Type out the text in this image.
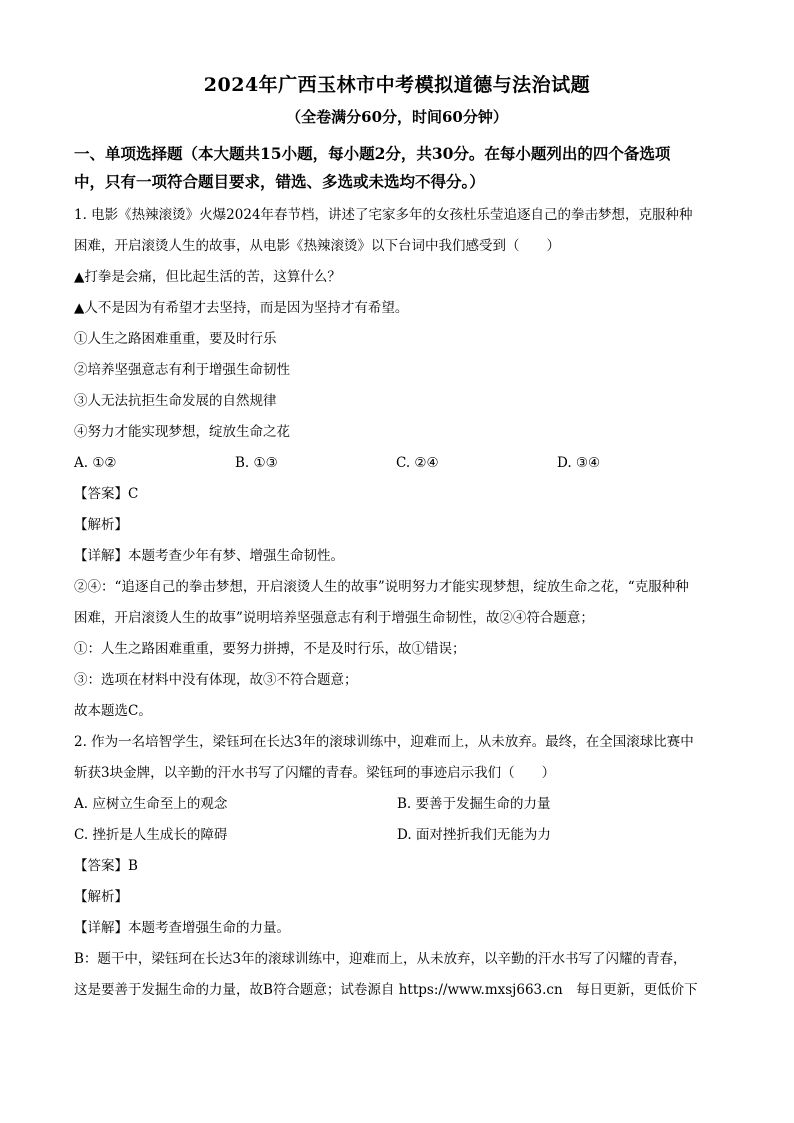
2024年广西玉林市中考模拟道德与法治试题
（全卷满分60分，时间60分钟）

一、单项选择题（本大题共15小题，每小题2分，共30分。在每小题列出的四个备选项

中，只有一项符合题目要求，错选、多选或未选均不得分。）

1. 电影《热辣滚烫》火爆2024年春节档，讲述了宅家多年的女孩杜乐莹追逐自己的拳击梦想，克服种种

困难，开启滚烫人生的故事，从电影《热辣滚烫》以下台词中我们感受到（　　）

▲打拳是会痛，但比起生活的苦，这算什么？

▲人不是因为有希望才去坚持，而是因为坚持才有希望。

①人生之路困难重重，要及时行乐

②培养坚强意志有利于增强生命韧性

③人无法抗拒生命发展的自然规律

④努力才能实现梦想，绽放生命之花

A. ①②	B. ①③	C. ②④	D. ③④

【答案】C

【解析】

【详解】本题考查少年有梦、增强生命韧性。

②④：“追逐自己的拳击梦想，开启滚烫人生的故事”说明努力才能实现梦想，绽放生命之花，“克服种种

困难，开启滚烫人生的故事”说明培养坚强意志有利于增强生命韧性，故②④符合题意；

①：人生之路困难重重，要努力拼搏，不是及时行乐，故①错误；

③：选项在材料中没有体现，故③不符合题意；

故本题选C。

2. 作为一名培智学生，梁钰珂在长达3年的滚球训练中，迎难而上，从未放弃。最终，在全国滚球比赛中

斩获3块金牌，以辛勤的汗水书写了闪耀的青春。梁钰珂的事迹启示我们（　　）

A. 应树立生命至上的观念	B. 要善于发掘生命的力量
C. 挫折是人生成长的障碍	D. 面对挫折我们无能为力

【答案】B

【解析】

【详解】本题考查增强生命的力量。

B：题干中，梁钰珂在长达3年的滚球训练中，迎难而上，从未放弃，以辛勤的汗水书写了闪耀的青春，

这是要善于发掘生命的力量，故B符合题意；试卷源自 https://www.mxsj663.cn　每日更新，更低价下
